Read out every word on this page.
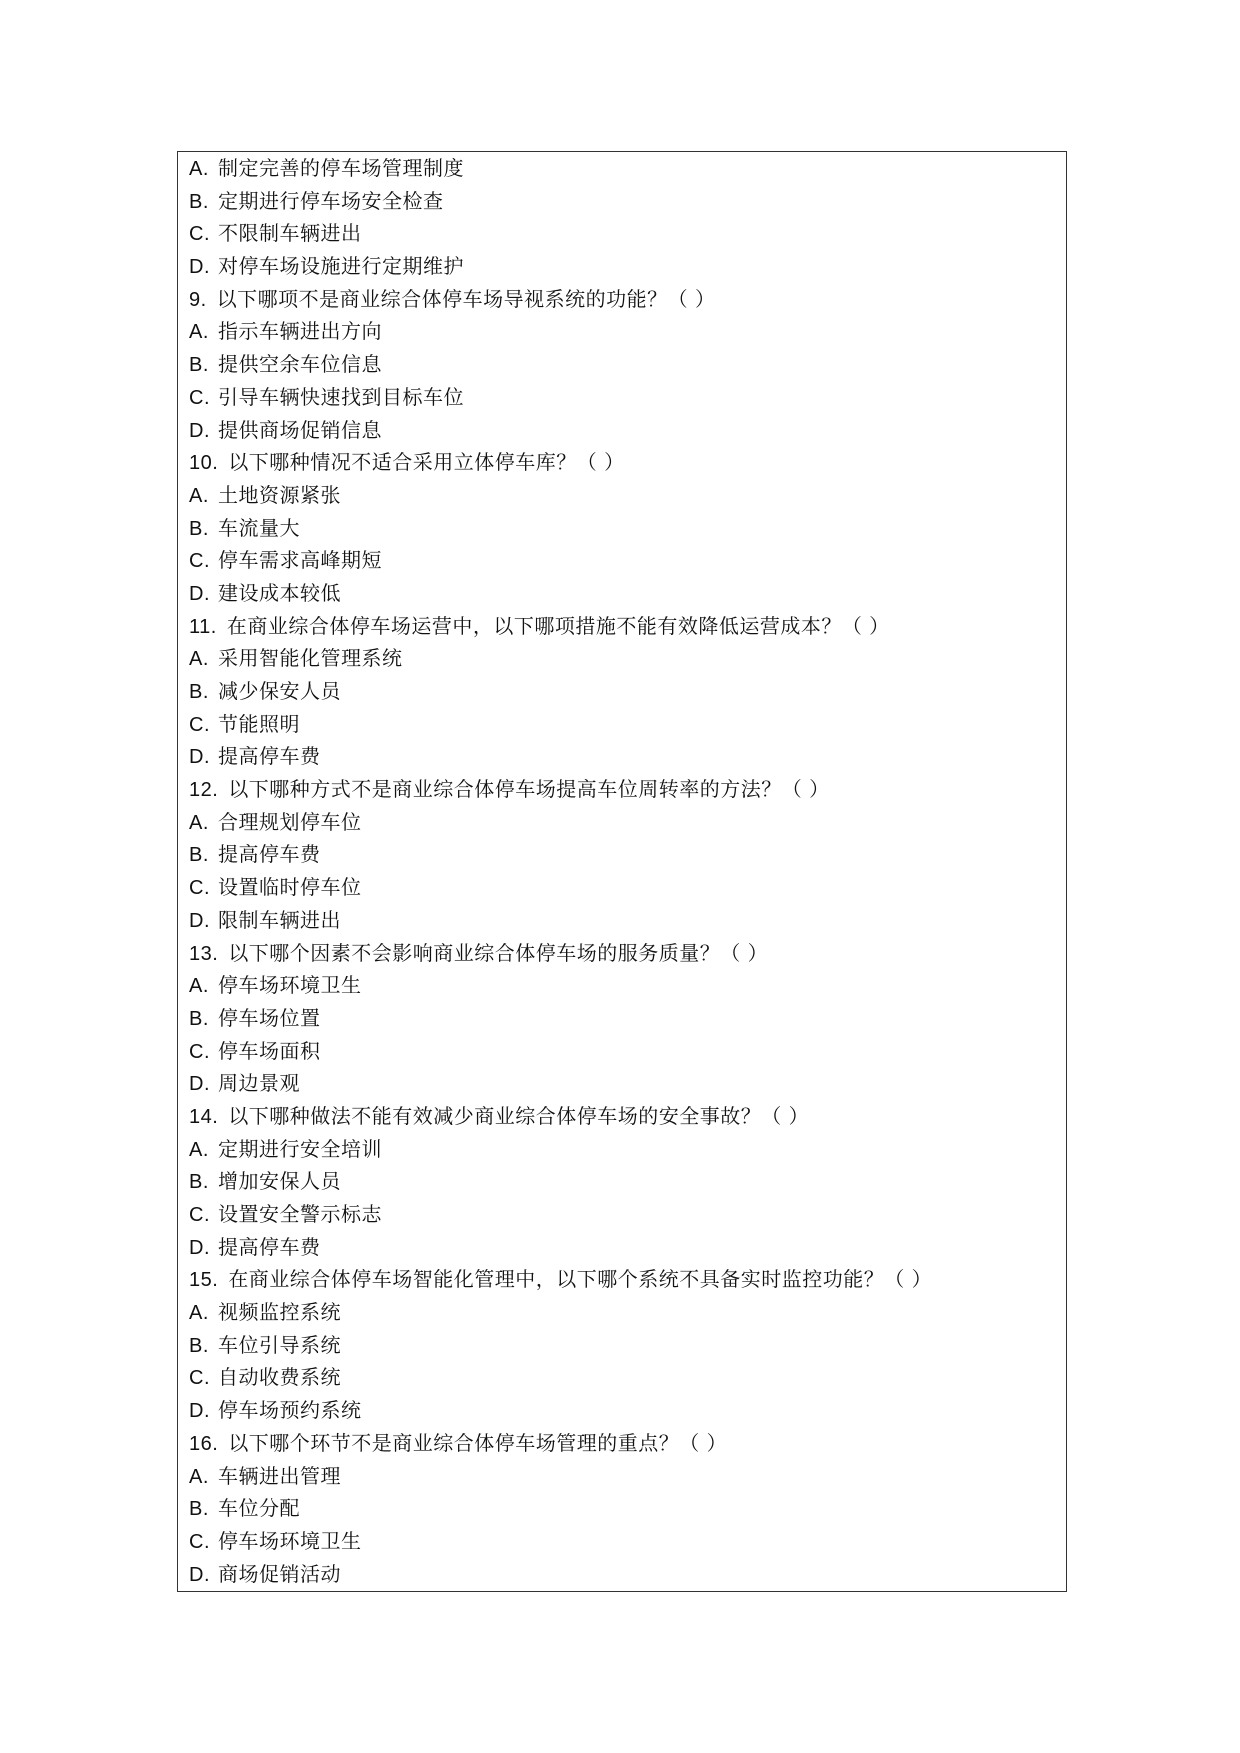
A. 制定完善的停车场管理制度
B. 定期进行停车场安全检查
C. 不限制车辆进出
D. 对停车场设施进行定期维护
9. 以下哪项不是商业综合体停车场导视系统的功能？（ ）
A. 指示车辆进出方向
B. 提供空余车位信息
C. 引导车辆快速找到目标车位
D. 提供商场促销信息
10. 以下哪种情况不适合采用立体停车库？（ ）
A. 土地资源紧张
B. 车流量大
C. 停车需求高峰期短
D. 建设成本较低
11. 在商业综合体停车场运营中，以下哪项措施不能有效降低运营成本？（ ）
A. 采用智能化管理系统
B. 减少保安人员
C. 节能照明
D. 提高停车费
12. 以下哪种方式不是商业综合体停车场提高车位周转率的方法？（ ）
A. 合理规划停车位
B. 提高停车费
C. 设置临时停车位
D. 限制车辆进出
13. 以下哪个因素不会影响商业综合体停车场的服务质量？（ ）
A. 停车场环境卫生
B. 停车场位置
C. 停车场面积
D. 周边景观
14. 以下哪种做法不能有效减少商业综合体停车场的安全事故？（ ）
A. 定期进行安全培训
B. 增加安保人员
C. 设置安全警示标志
D. 提高停车费
15. 在商业综合体停车场智能化管理中，以下哪个系统不具备实时监控功能？（ ）
A. 视频监控系统
B. 车位引导系统
C. 自动收费系统
D. 停车场预约系统
16. 以下哪个环节不是商业综合体停车场管理的重点？（ ）
A. 车辆进出管理
B. 车位分配
C. 停车场环境卫生
D. 商场促销活动
